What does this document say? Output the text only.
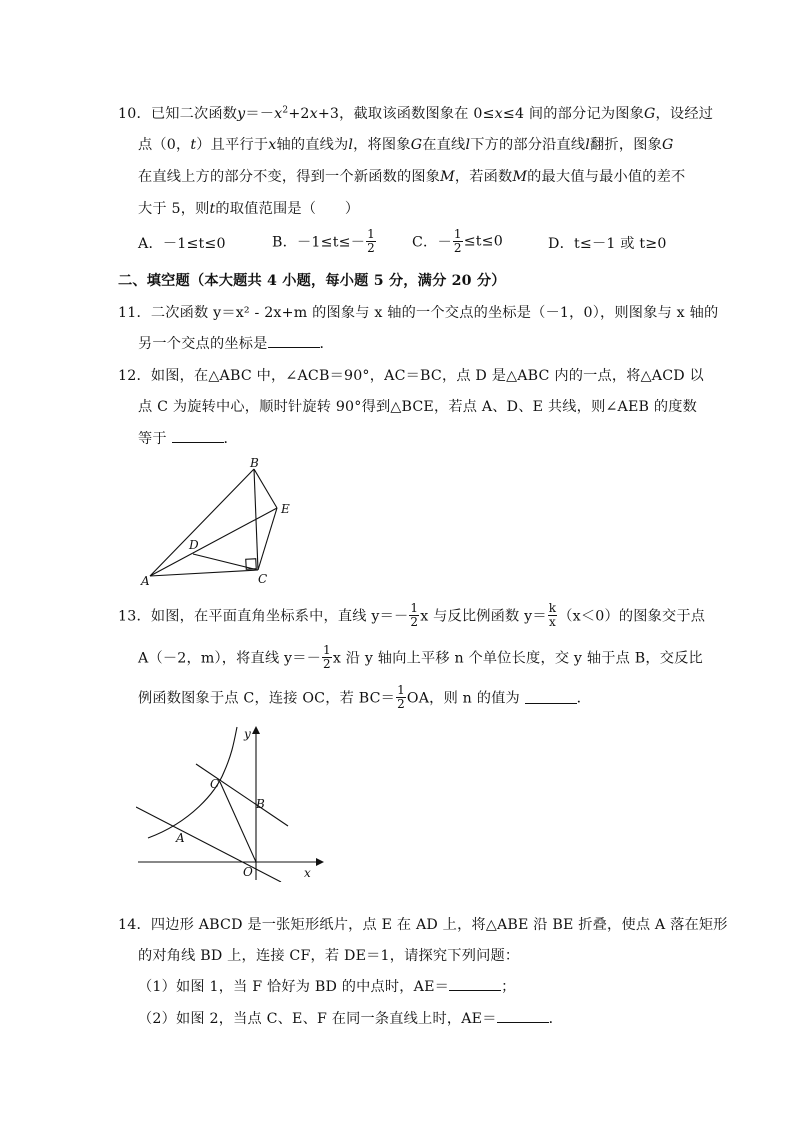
10．已知二次函数$y=-x^2+2x+3$，截取该函数图象在 0≤x≤4 间的部分记为图象G，设经过
点（0，t）且平行于x轴的直线为l，将图象G在直线l下方的部分沿直线l翻折，图象G
在直线上方的部分不变，得到一个新函数的图象M，若函数M的最大值与最小值的差不
大于 5，则t的取值范围是（　　）
A．－1≤t≤0	B．$-1\le t\le- \frac{1}{2}$	C．－ $\frac{1}{2} \le t\le 0$	D．t≤－1 或 t≥0
二、填空题（本大题共 4 小题，每小题 5 分，满分 20 分）
11．二次函数 y＝x² - 2x+m 的图象与 x 轴的一个交点的坐标是（－1，0），则图象与 x 轴的
另一个交点的坐标是	．
12．如图，在△ABC 中，∠ACB＝90°，AC＝BC，点 D 是△ABC 内的一点，将△ACD 以
点 C 为旋转中心，顺时针旋转 90°得到△BCE，若点 A、D、E 共线，则∠AEB 的度数
等于	．
B
E
D
A	C
13．如图，在平面直角坐标系中，直线 $y=- \frac{1}{2}$ x 与反比例函数 $y= \frac{k}{x} (x<0)$的图象交于点
A（－2，m），将直线 $y=- \frac{1}{2}$ x 沿 y 轴向上平移 n 个单位长度，交 y 轴于点 B，交反比
例函数图象于点 C，连接 OC，若 $BC= \frac{1}{2}$ OA，则 n 的值为	．
y
x
O
A
B
C
14．四边形 ABCD 是一张矩形纸片，点 E 在 AD 上，将△ABE 沿 BE 折叠，使点 A 落在矩形
的对角线 BD 上，连接 CF，若 DE＝1，请探究下列问题：
（1）如图 1，当 F 恰好为 BD 的中点时，AE＝	；
（2）如图 2，当点 C、E、F 在同一条直线上时，AE＝	．
